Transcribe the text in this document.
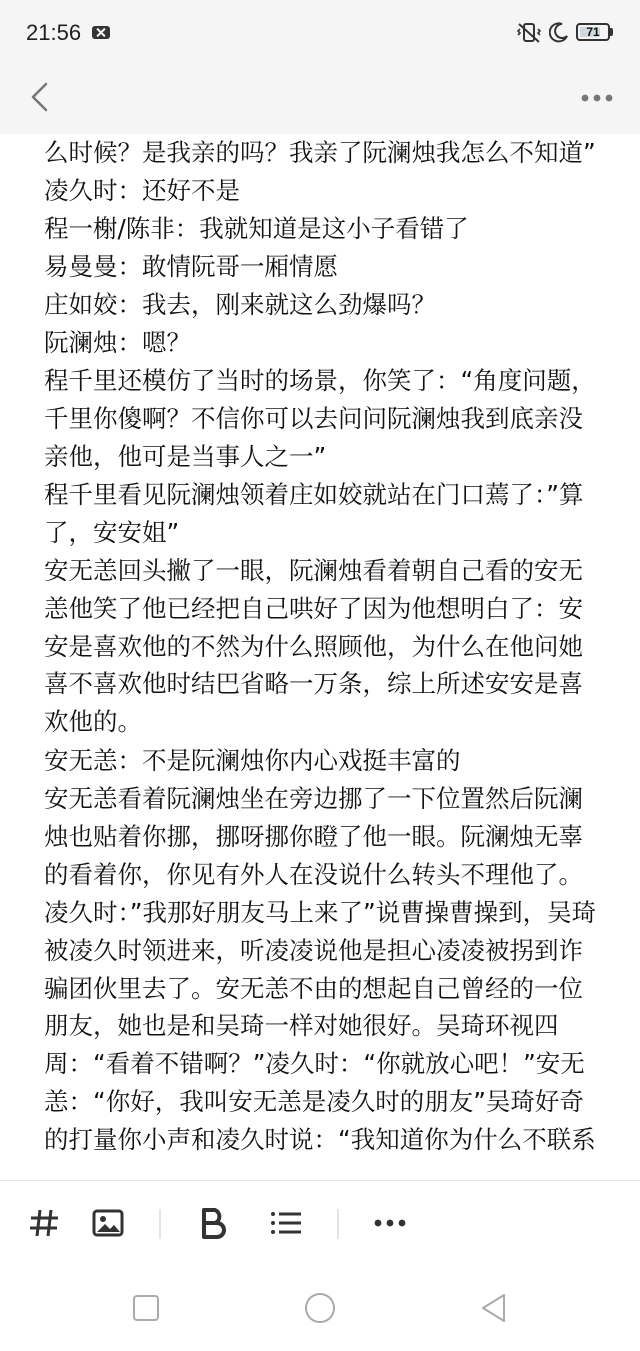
21:56	71

么时候？是我亲的吗？我亲了阮澜烛我怎么不知道”

凌久时：还好不是

程一榭/陈非：我就知道是这小子看错了

易曼曼：敢情阮哥一厢情愿

庄如姣：我去，刚来就这么劲爆吗？

阮澜烛：嗯？

程千里还模仿了当时的场景，你笑了：“角度问题，千里你傻啊？不信你可以去问问阮澜烛我到底亲没亲他，他可是当事人之一”

程千里看见阮澜烛领着庄如姣就站在门口蔫了：”算了，安安姐”

安无恙回头撇了一眼，阮澜烛看着朝自己看的安无恙他笑了他已经把自己哄好了因为他想明白了：安安是喜欢他的不然为什么照顾他，为什么在他问她喜不喜欢他时结巴省略一万条，综上所述安安是喜欢他的。

安无恙：不是阮澜烛你内心戏挺丰富的

安无恙看着阮澜烛坐在旁边挪了一下位置然后阮澜烛也贴着你挪，挪呀挪你瞪了他一眼。阮澜烛无辜的看着你，你见有外人在没说什么转头不理他了。

凌久时：”我那好朋友马上来了”说曹操曹操到，吴琦被凌久时领进来，听凌凌说他是担心凌凌被拐到诈骗团伙里去了。安无恙不由的想起自己曾经的一位朋友，她也是和吴琦一样对她很好。吴琦环视四周：“看着不错啊？”凌久时：“你就放心吧！”安无恙：“你好，我叫安无恙是凌久时的朋友”吴琦好奇的打量你小声和凌久时说：“我知道你为什么不联系
